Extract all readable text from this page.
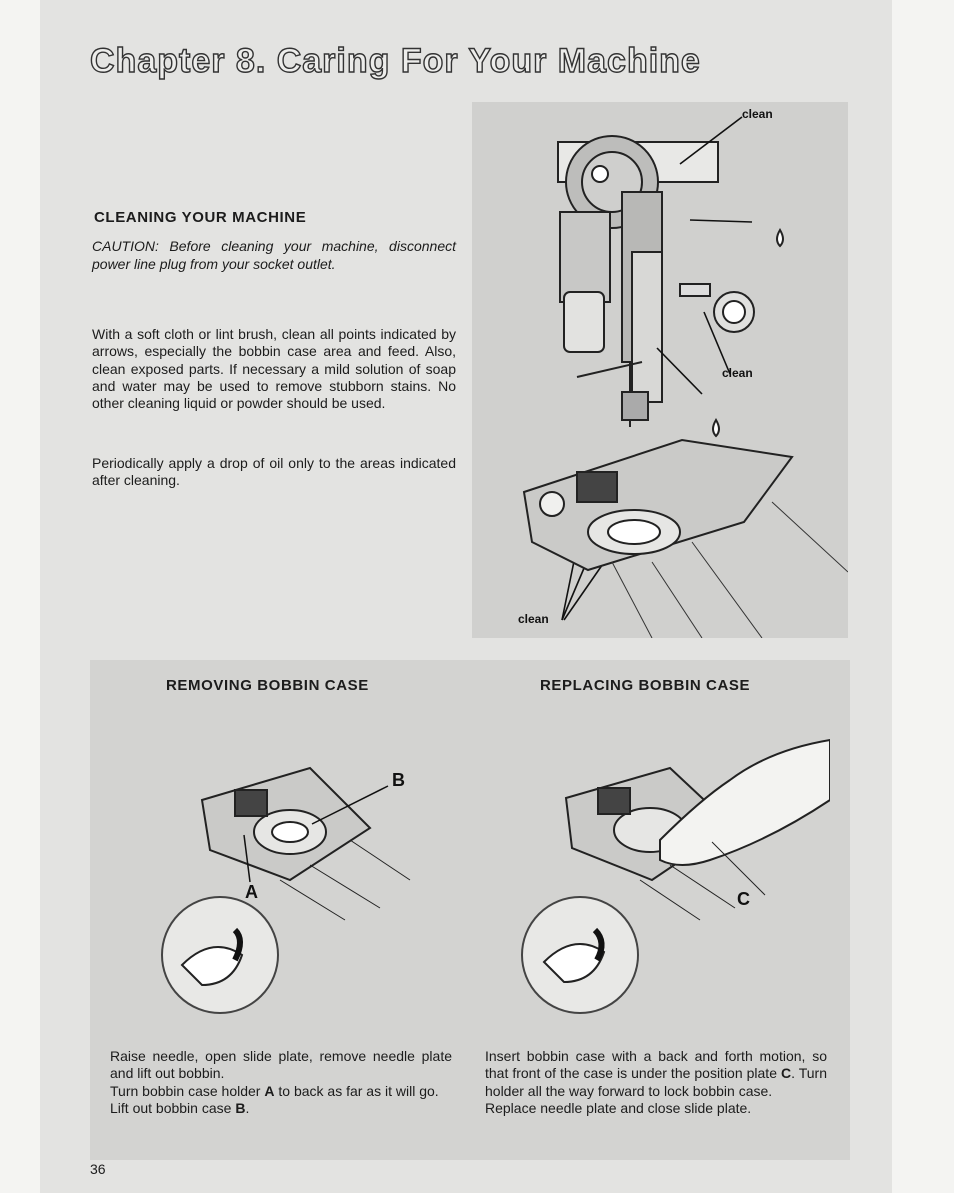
Chapter 8. Caring For Your Machine
CLEANING YOUR MACHINE

CAUTION: Before cleaning your machine, disconnect power line plug from your socket outlet.

With a soft cloth or lint brush, clean all points indicated by arrows, especially the bobbin case area and feed. Also, clean exposed parts. If necessary a mild solution of soap and water may be used to remove stubborn stains. No other cleaning liquid or powder should be used.

Periodically apply a drop of oil only to the areas indicated after cleaning.

clean
clean
clean
REMOVING BOBBIN CASE	REPLACING BOBBIN CASE
B
A	C

Raise needle, open slide plate, remove needle plate and lift out bobbin.

Turn bobbin case holder A to back as far as it will go.

Lift out bobbin case B.

Insert bobbin case with a back and forth motion, so that front of the case is under the position plate C. Turn holder all the way forward to lock bobbin case.

Replace needle plate and close slide plate.

36
